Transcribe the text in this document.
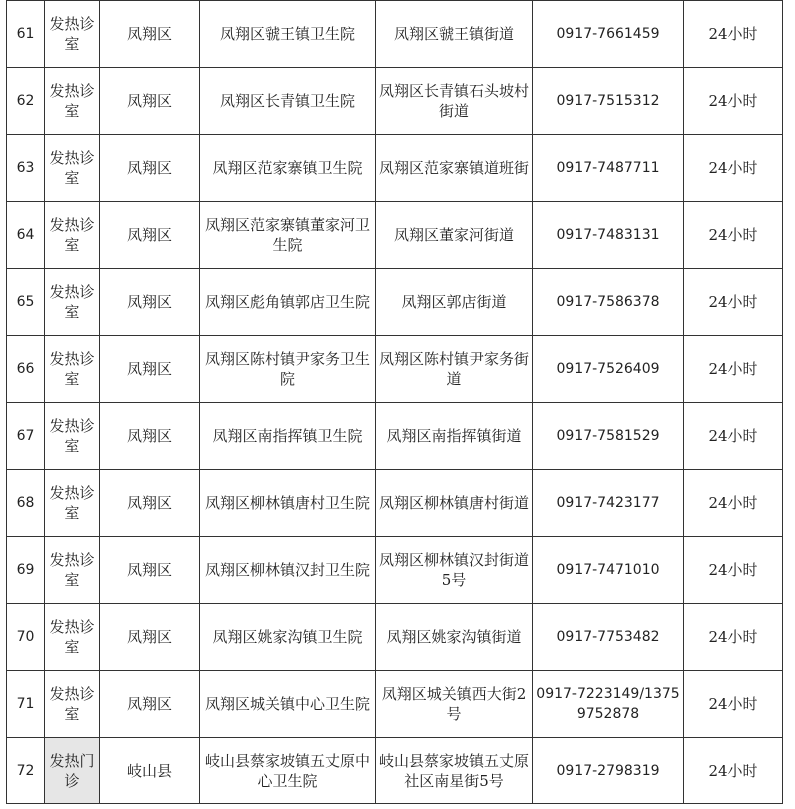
61	发热诊室	凤翔区	凤翔区虢王镇卫生院	凤翔区虢王镇街道	0917-7661459	24小时
62	发热诊室	凤翔区	凤翔区长青镇卫生院	凤翔区长青镇石头坡村街道	0917-7515312	24小时
63	发热诊室	凤翔区	凤翔区范家寨镇卫生院	凤翔区范家寨镇道班街	0917-7487711	24小时
64	发热诊室	凤翔区	凤翔区范家寨镇董家河卫生院	凤翔区董家河街道	0917-7483131	24小时
65	发热诊室	凤翔区	凤翔区彪角镇郭店卫生院	凤翔区郭店街道	0917-7586378	24小时
66	发热诊室	凤翔区	凤翔区陈村镇尹家务卫生院	凤翔区陈村镇尹家务街道	0917-7526409	24小时
67	发热诊室	凤翔区	凤翔区南指挥镇卫生院	凤翔区南指挥镇街道	0917-7581529	24小时
68	发热诊室	凤翔区	凤翔区柳林镇唐村卫生院	凤翔区柳林镇唐村街道	0917-7423177	24小时
69	发热诊室	凤翔区	凤翔区柳林镇汉封卫生院	凤翔区柳林镇汉封街道5号	0917-7471010	24小时
70	发热诊室	凤翔区	凤翔区姚家沟镇卫生院	凤翔区姚家沟镇街道	0917-7753482	24小时
71	发热诊室	凤翔区	凤翔区城关镇中心卫生院	凤翔区城关镇西大街2号	0917-7223149/13759752878	24小时
72	发热门诊	岐山县	岐山县蔡家坡镇五丈原中心卫生院	岐山县蔡家坡镇五丈原社区南星街5号	0917-2798319	24小时
